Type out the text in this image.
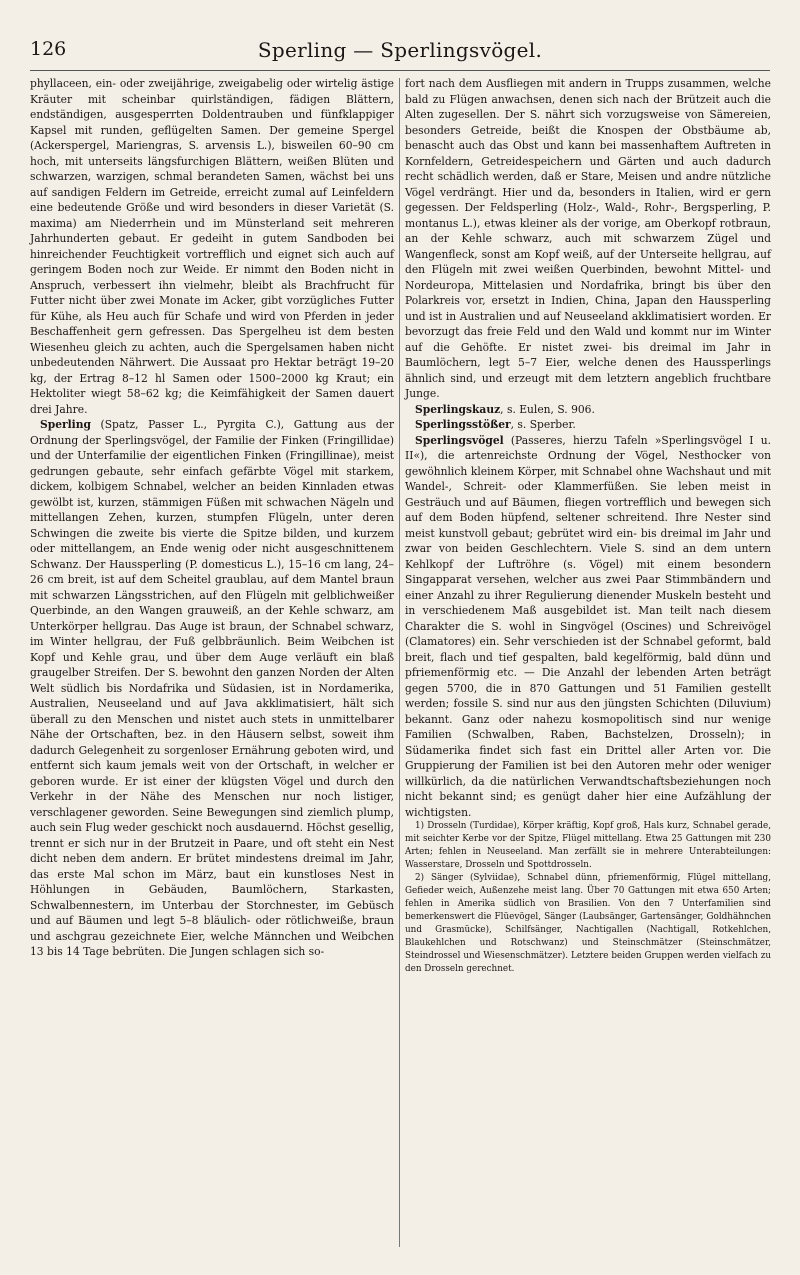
126	Sperling — Sperlingsvögel.

phyllaceen, ein- oder zweijährige, zweigabelig oder wirtelig ästige Kräuter mit scheinbar quirlständigen, fädigen Blättern, endständigen, ausgesperrten Doldentrauben und fünfklappiger Kapsel mit runden, geflügelten Samen. Der gemeine Spergel (Ackerspergel, Mariengras, S. arvensis L.), bisweilen 60–90 cm hoch, mit unterseits längsfurchigen Blättern, weißen Blüten und schwarzen, warzigen, schmal berandeten Samen, wächst bei uns auf sandigen Feldern im Getreide, erreicht zumal auf Leinfeldern eine bedeutende Größe und wird besonders in dieser Varietät (S. maxima) am Niederrhein und im Münsterland seit mehreren Jahrhunderten gebaut. Er gedeiht in gutem Sandboden bei hinreichender Feuchtigkeit vortrefflich und eignet sich auch auf geringem Boden noch zur Weide. Er nimmt den Boden nicht in Anspruch, verbessert ihn vielmehr, bleibt als Brachfrucht für Futter nicht über zwei Monate im Acker, gibt vorzügliches Futter für Kühe, als Heu auch für Schafe und wird von Pferden in jeder Beschaffenheit gern gefressen. Das Spergelheu ist dem besten Wiesenheu gleich zu achten, auch die Spergelsamen haben nicht unbedeutenden Nährwert. Die Aussaat pro Hektar beträgt 19–20 kg, der Ertrag 8–12 hl Samen oder 1500–2000 kg Kraut; ein Hektoliter wiegt 58–62 kg; die Keimfähigkeit der Samen dauert drei Jahre.

Sperling (Spatz, Passer L., Pyrgita C.), Gattung aus der Ordnung der Sperlingsvögel, der Familie der Finken (Fringillidae) und der Unterfamilie der eigentlichen Finken (Fringillinae), meist gedrungen gebaute, sehr einfach gefärbte Vögel mit starkem, dickem, kolbigem Schnabel, welcher an beiden Kinnladen etwas gewölbt ist, kurzen, stämmigen Füßen mit schwachen Nägeln und mittellangen Zehen, kurzen, stumpfen Flügeln, unter deren Schwingen die zweite bis vierte die Spitze bilden, und kurzem oder mittellangem, an Ende wenig oder nicht ausgeschnittenem Schwanz. Der Haussperling (P. domesticus L.), 15–16 cm lang, 24–26 cm breit, ist auf dem Scheitel graublau, auf dem Mantel braun mit schwarzen Längsstrichen, auf den Flügeln mit gelblichweißer Querbinde, an den Wangen grauweiß, an der Kehle schwarz, am Unterkörper hellgrau. Das Auge ist braun, der Schnabel schwarz, im Winter hellgrau, der Fuß gelbbräunlich. Beim Weibchen ist Kopf und Kehle grau, und über dem Auge verläuft ein blaß graugelber Streifen. Der S. bewohnt den ganzen Norden der Alten Welt südlich bis Nordafrika und Südasien, ist in Nordamerika, Australien, Neuseeland und auf Java akklimatisiert, hält sich überall zu den Menschen und nistet auch stets in unmittelbarer Nähe der Ortschaften, bez. in den Häusern selbst, soweit ihm dadurch Gelegenheit zu sorgenloser Ernährung geboten wird, und entfernt sich kaum jemals weit von der Ortschaft, in welcher er geboren wurde. Er ist einer der klügsten Vögel und durch den Verkehr in der Nähe des Menschen nur noch listiger, verschlagener geworden. Seine Bewegungen sind ziemlich plump, auch sein Flug weder geschickt noch ausdauernd. Höchst gesellig, trennt er sich nur in der Brutzeit in Paare, und oft steht ein Nest dicht neben dem andern. Er brütet mindestens dreimal im Jahr, das erste Mal schon im März, baut ein kunstloses Nest in Höhlungen in Gebäuden, Baumlöchern, Starkasten, Schwalbennestern, im Unterbau der Storchnester, im Gebüsch und auf Bäumen und legt 5–8 bläulich- oder rötlichweiße, braun und aschgrau gezeichnete Eier, welche Männchen und Weibchen 13 bis 14 Tage bebrüten. Die Jungen schlagen sich so-

fort nach dem Ausfliegen mit andern in Trupps zusammen, welche bald zu Flügen anwachsen, denen sich nach der Brützeit auch die Alten zugesellen. Der S. nährt sich vorzugsweise von Sämereien, besonders Getreide, beißt die Knospen der Obstbäume ab, benascht auch das Obst und kann bei massenhaftem Auftreten in Kornfeldern, Getreidespeichern und Gärten und auch dadurch recht schädlich werden, daß er Stare, Meisen und andre nützliche Vögel verdrängt. Hier und da, besonders in Italien, wird er gern gegessen. Der Feldsperling (Holz-, Wald-, Rohr-, Bergsperling, P. montanus L.), etwas kleiner als der vorige, am Oberkopf rotbraun, an der Kehle schwarz, auch mit schwarzem Zügel und Wangenfleck, sonst am Kopf weiß, auf der Unterseite hellgrau, auf den Flügeln mit zwei weißen Querbinden, bewohnt Mittel- und Nordeuropa, Mittelasien und Nordafrika, bringt bis über den Polarkreis vor, ersetzt in Indien, China, Japan den Haussperling und ist in Australien und auf Neuseeland akklimatisiert worden. Er bevorzugt das freie Feld und den Wald und kommt nur im Winter auf die Gehöfte. Er nistet zwei- bis dreimal im Jahr in Baumlöchern, legt 5–7 Eier, welche denen des Haussperlings ähnlich sind, und erzeugt mit dem letztern angeblich fruchtbare Junge.

Sperlingskauz, s. Eulen, S. 906.

Sperlingsstößer, s. Sperber.

Sperlingsvögel (Passeres, hierzu Tafeln »Sperlingsvögel I u. II«), die artenreichste Ordnung der Vögel, Nesthocker von gewöhnlich kleinem Körper, mit Schnabel ohne Wachshaut und mit Wandel-, Schreit- oder Klammerfüßen. Sie leben meist in Gesträuch und auf Bäumen, fliegen vortrefflich und bewegen sich auf dem Boden hüpfend, seltener schreitend. Ihre Nester sind meist kunstvoll gebaut; gebrütet wird ein- bis dreimal im Jahr und zwar von beiden Geschlechtern. Viele S. sind an dem untern Kehlkopf der Luftröhre (s. Vögel) mit einem besondern Singapparat versehen, welcher aus zwei Paar Stimmbändern und einer Anzahl zu ihrer Regulierung dienender Muskeln besteht und in verschiedenem Maß ausgebildet ist. Man teilt nach diesem Charakter die S. wohl in Singvögel (Oscines) und Schreivögel (Clamatores) ein. Sehr verschieden ist der Schnabel geformt, bald breit, flach und tief gespalten, bald kegelförmig, bald dünn und pfriemenförmig etc. — Die Anzahl der lebenden Arten beträgt gegen 5700, die in 870 Gattungen und 51 Familien gestellt werden; fossile S. sind nur aus den jüngsten Schichten (Diluvium) bekannt. Ganz oder nahezu kosmopolitisch sind nur wenige Familien (Schwalben, Raben, Bachstelzen, Drosseln); in Südamerika findet sich fast ein Drittel aller Arten vor. Die Gruppierung der Familien ist bei den Autoren mehr oder weniger willkürlich, da die natürlichen Verwandtschaftsbeziehungen noch nicht bekannt sind; es genügt daher hier eine Aufzählung der wichtigsten.

1) Drosseln (Turdidae), Körper kräftig, Kopf groß, Hals kurz, Schnabel gerade, mit seichter Kerbe vor der Spitze, Flügel mittellang. Etwa 25 Gattungen mit 230 Arten; fehlen in Neuseeland. Man zerfällt sie in mehrere Unterabteilungen: Wasserstare, Drosseln und Spottdrosseln.

2) Sänger (Sylviidae), Schnabel dünn, pfriemenförmig, Flügel mittellang, Gefieder weich, Außenzehe meist lang. Über 70 Gattungen mit etwa 650 Arten; fehlen in Amerika südlich von Brasilien. Von den 7 Unterfamilien sind bemerkenswert die Flüevögel, Sänger (Laubsänger, Gartensänger, Goldhähnchen und Grasmücke), Schilfsänger, Nachtigallen (Nachtigall, Rotkehlchen, Blaukehlchen und Rotschwanz) und Steinschmätzer (Steinschmätzer, Steindrossel und Wiesenschmätzer). Letztere beiden Gruppen werden vielfach zu den Drosseln gerechnet.
